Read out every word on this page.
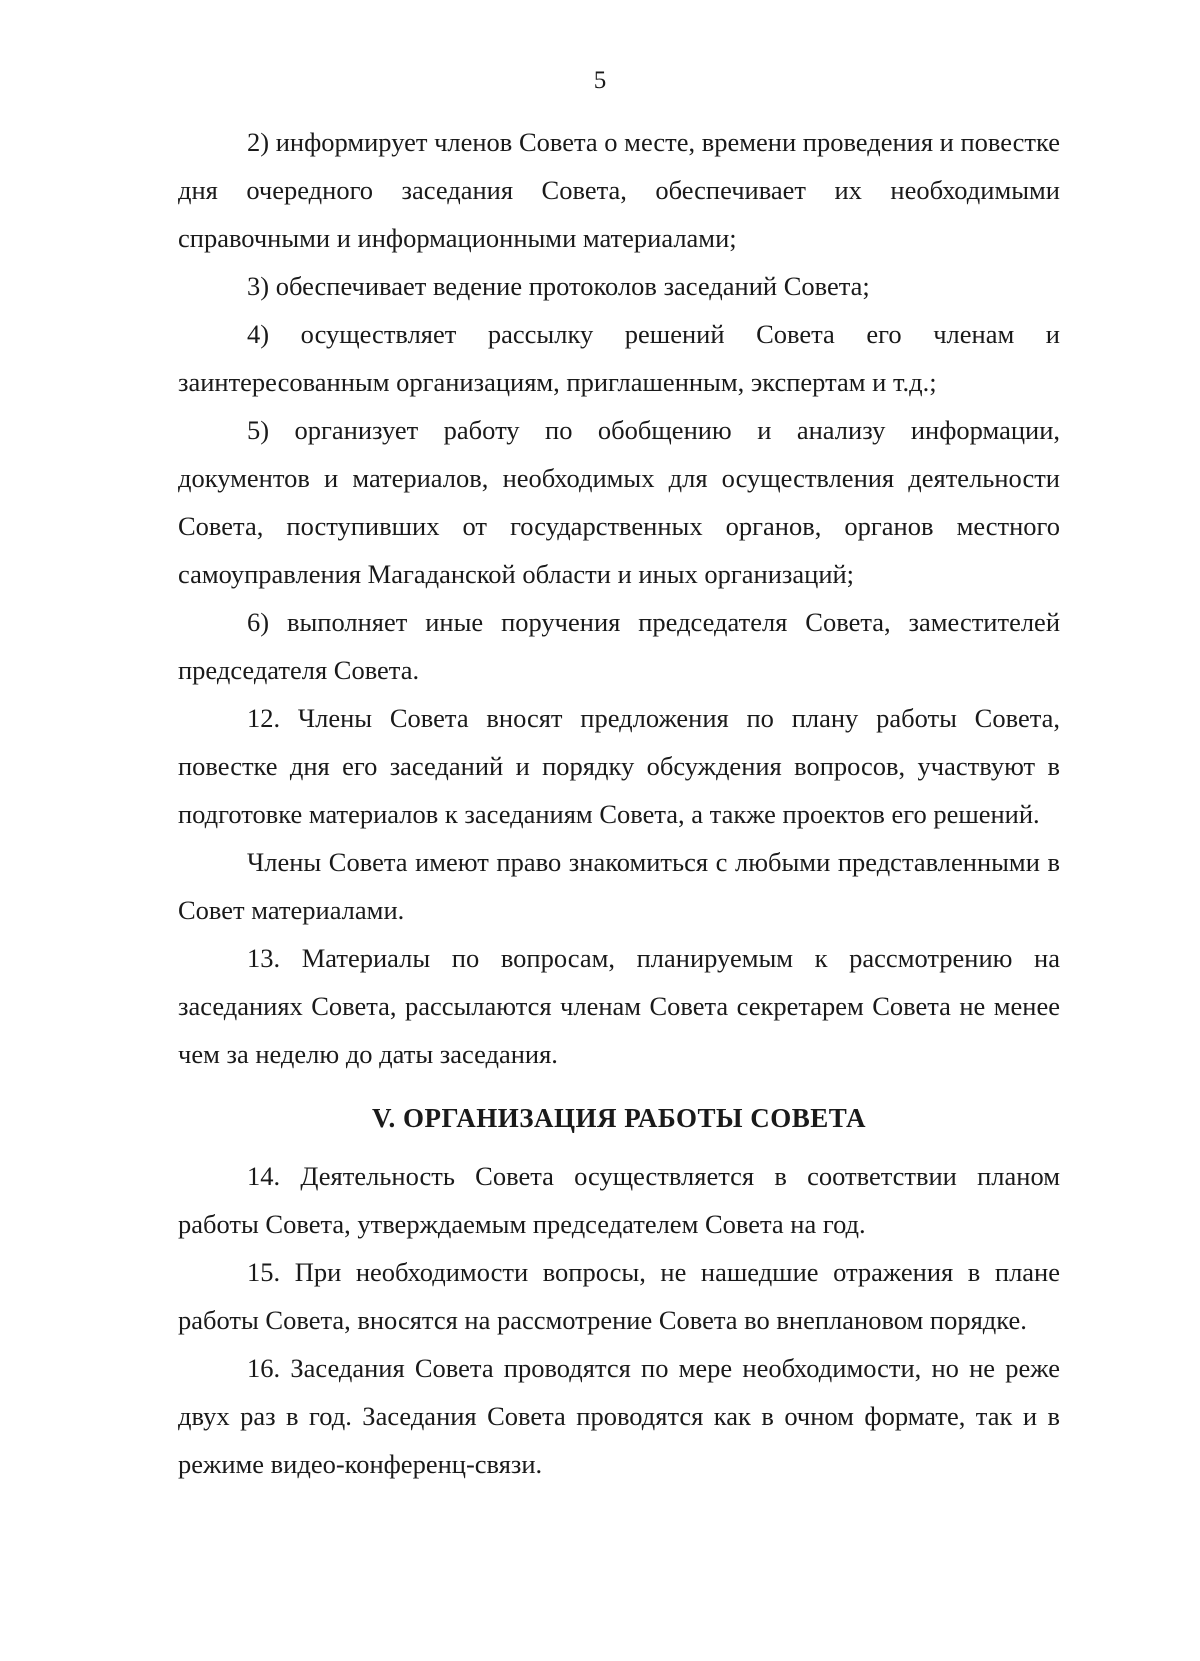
5

2) информирует членов Совета о месте, времени проведения и повестке дня очередного заседания Совета, обеспечивает их необходимыми справочными и информационными материалами;

3) обеспечивает ведение протоколов заседаний Совета;

4) осуществляет рассылку решений Совета его членам и заинтересованным организациям, приглашенным, экспертам и т.д.;

5) организует работу по обобщению и анализу информации, документов и материалов, необходимых для осуществления деятельности Совета, поступивших от государственных органов, органов местного самоуправления Магаданской области и иных организаций;

6) выполняет иные поручения председателя Совета, заместителей председателя Совета.

12. Члены Совета вносят предложения по плану работы Совета, повестке дня его заседаний и порядку обсуждения вопросов, участвуют в подготовке материалов к заседаниям Совета, а также проектов его решений.

Члены Совета имеют право знакомиться с любыми представленными в Совет материалами.

13. Материалы по вопросам, планируемым к рассмотрению на заседаниях Совета, рассылаются членам Совета секретарем Совета не менее чем за неделю до даты заседания.

V. ОРГАНИЗАЦИЯ РАБОТЫ СОВЕТА

14. Деятельность Совета осуществляется в соответствии планом работы Совета, утверждаемым председателем Совета на год.

15. При необходимости вопросы, не нашедшие отражения в плане работы Совета, вносятся на рассмотрение Совета во внеплановом порядке.

16. Заседания Совета проводятся по мере необходимости, но не реже двух раз в год. Заседания Совета проводятся как в очном формате, так и в режиме видео-конференц-связи.
